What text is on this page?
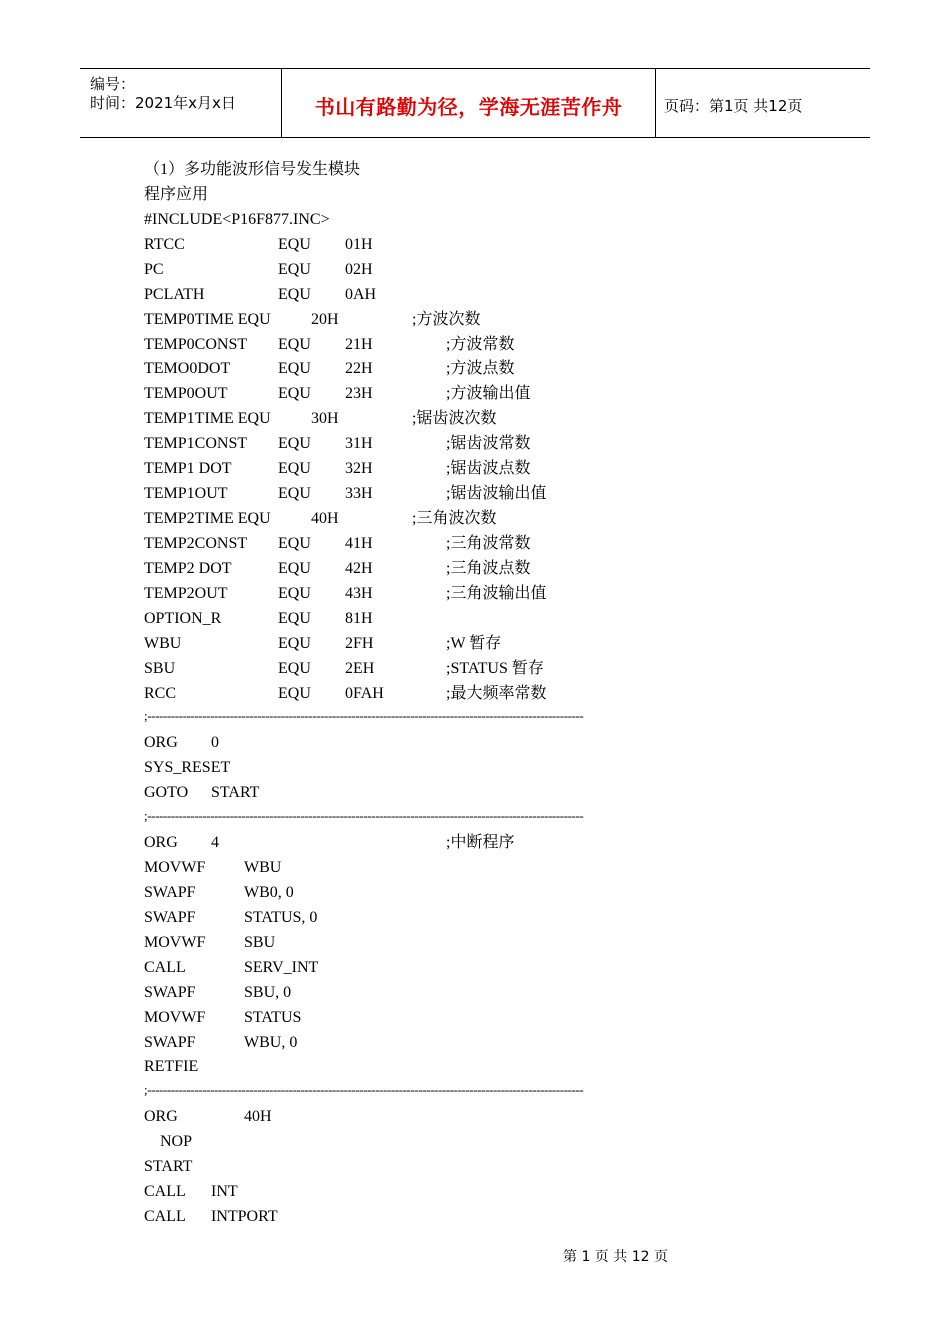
编号：
时间：2021年x月x日	书山有路勤为径，学海无涯苦作舟	页码：第1页 共12页
（1）多功能波形信号发生模块
程序应用
#INCLUDE<P16F877.INC>
RTCC	EQU 01H
PC	EQU 02H
PCLATH	EQU 0AH
TEMP0TIME EQU	20H	;方波次数
TEMP0CONST EQU 21H	;方波常数
TEMO0DOT	EQU 22H	;方波点数
TEMP0OUT	EQU 23H	;方波输出值
TEMP1TIME EQU	30H	;锯齿波次数
TEMP1CONST EQU 31H	;锯齿波常数
TEMP1 DOT	EQU 32H	;锯齿波点数
TEMP1OUT	EQU 33H	;锯齿波输出值
TEMP2TIME EQU	40H	;三角波次数
TEMP2CONST EQU 41H	;三角波常数
TEMP2 DOT	EQU 42H	;三角波点数
TEMP2OUT	EQU 43H	;三角波输出值
OPTION_R	EQU 81H
WBU	EQU 2FH	;W 暂存
SBU	EQU 2EH	;STATUS 暂存
RCC	EQU 0FAH	;最大频率常数
;---------------------------------------------------------------------------------------------------------------
ORG 0
SYS_RESET
GOTO START
;---------------------------------------------------------------------------------------------------------------
ORG 4	;中断程序
MOVWF WBU
SWAPF	WB0, 0
SWAPF	STATUS, 0
MOVWF SBU
CALL	SERV_INT
SWAPF	SBU, 0
MOVWF STATUS
SWAPF	WBU, 0
RETFIE
;---------------------------------------------------------------------------------------------------------------
ORG	40H
NOP
START
CALL INT
CALL INTPORT
第 1 页 共 12 页
